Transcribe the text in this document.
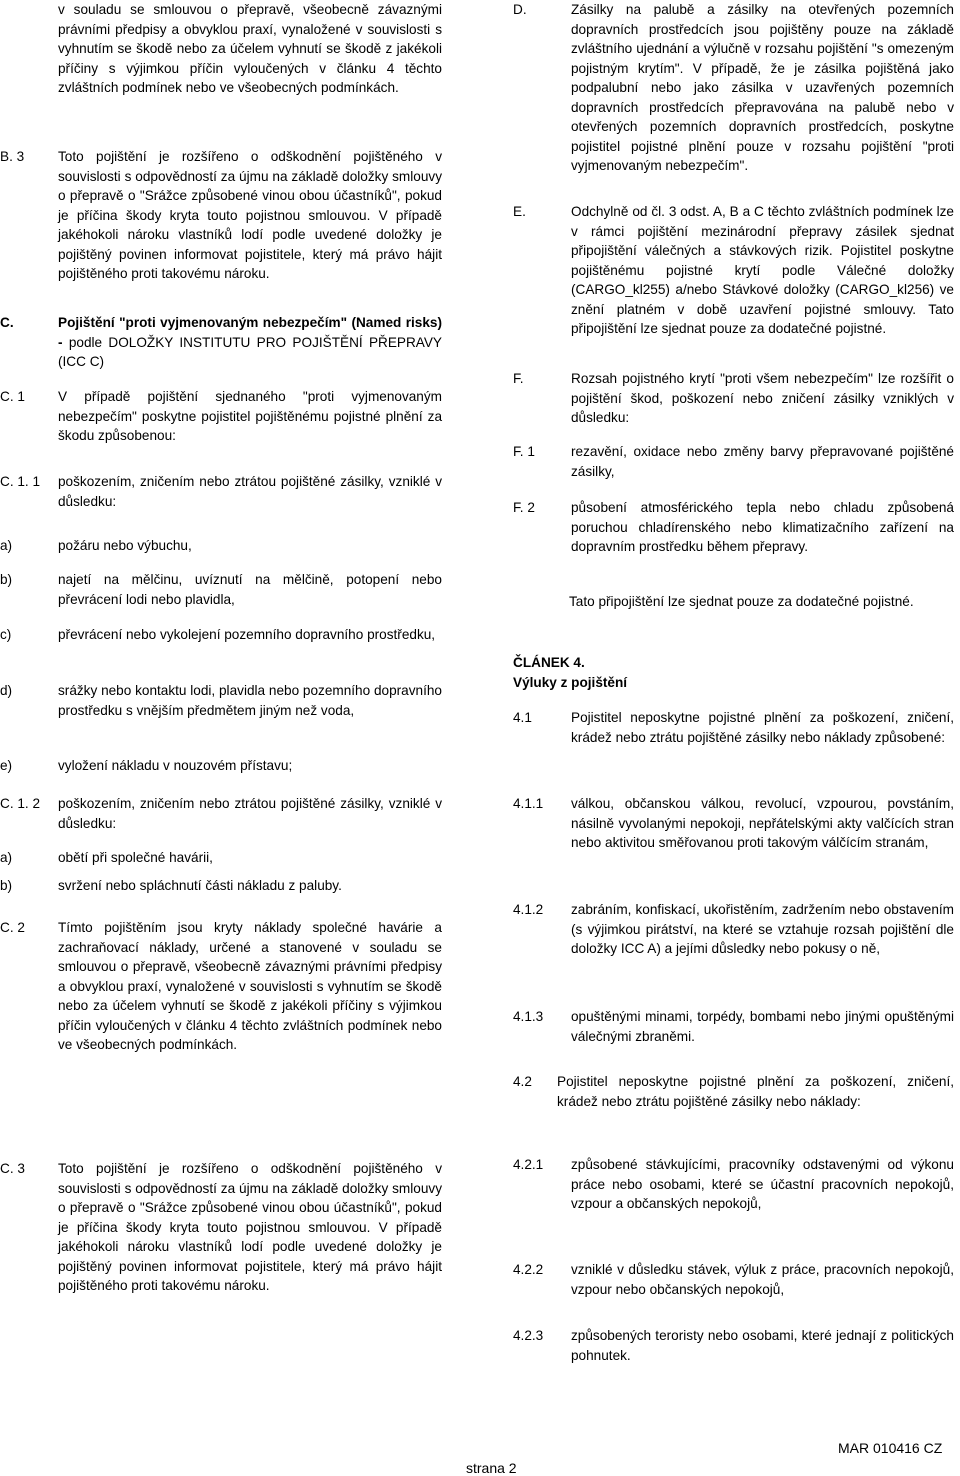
v souladu se smlouvou o přepravě, všeobecně závaznými právními předpisy a obvyklou praxí, vynaložené v souvislosti s vyhnutím se škodě nebo za účelem vyhnutí se škodě z jakékoli příčiny s výjimkou příčin vyloučených v článku 4 těchto zvláštních podmínek nebo ve všeobecných podmínkách.
B. 3 Toto pojištění je rozšířeno o odškodnění pojištěného v souvislosti s odpovědností za újmu na základě doložky smlouvy o přepravě o "Srážce způsobené vinou obou účastníků", pokud je příčina škody kryta touto pojistnou smlouvou. V případě jakéhokoli nároku vlastníků lodí podle uvedené doložky je pojištěný povinen informovat pojistitele, který má právo hájit pojištěného proti takovému nároku.
C.	Pojištění "proti vyjmenovaným nebezpečím" (Named risks) - podle DOLOŽKY INSTITUTU PRO POJIŠTĚNÍ PŘEPRAVY (ICC C)
C. 1 V případě pojištění sjednaného "proti vyjmenovaným nebezpečím" poskytne pojistitel pojištěnému pojistné plnění za škodu způsobenou:
C. 1. 1 poškozením, zničením nebo ztrátou pojištěné zásilky, vzniklé v důsledku:
a)	požáru nebo výbuchu,
b)	najetí na mělčinu, uvíznutí na mělčině, potopení nebo převrácení lodi nebo plavidla,
c)	převrácení nebo vykolejení pozemního dopravního prostředku,
d)	srážky nebo kontaktu lodi, plavidla nebo pozemního dopravního prostředku s vnějším předmětem jiným než voda,
e)	vyložení nákladu v nouzovém přístavu;
C. 1. 2 poškozením, zničením nebo ztrátou pojištěné zásilky, vzniklé v důsledku:
a)	obětí při společné havárii,
b)	svržení nebo spláchnutí části nákladu z paluby.
C. 2 Tímto pojištěním jsou kryty náklady společné havárie a zachraňovací náklady, určené a stanovené v souladu se smlouvou o přepravě, všeobecně závaznými právními předpisy a obvyklou praxí, vynaložené v souvislosti s vyhnutím se škodě nebo za účelem vyhnutí se škodě z jakékoli příčiny s výjimkou příčin vyloučených v článku 4 těchto zvláštních podmínek nebo ve všeobecných podmínkách.
C. 3 Toto pojištění je rozšířeno o odškodnění pojištěného v souvislosti s odpovědností za újmu na základě doložky smlouvy o přepravě o "Srážce způsobené vinou obou účastníků", pokud je příčina škody kryta touto pojistnou smlouvou. V případě jakéhokoli nároku vlastníků lodí podle uvedené doložky je pojištěný povinen informovat pojistitele, který má právo hájit pojištěného proti takovému nároku.
D.	Zásilky na palubě a zásilky na otevřených pozemních dopravních prostředcích jsou pojištěny pouze na základě zvláštního ujednání a výlučně v rozsahu pojištění "s omezeným pojistným krytím". V případě, že je zásilka pojištěná jako podpalubní nebo jako zásilka v uzavřených pozemních dopravních prostředcích přepravována na palubě nebo v otevřených pozemních dopravních prostředcích, poskytne pojistitel pojistné plnění pouze v rozsahu pojištění "proti vyjmenovaným nebezpečím".
E.	Odchylně od čl. 3 odst. A, B a C těchto zvláštních podmínek lze v rámci pojištění mezinárodní přepravy zásilek sjednat připojištění válečných a stávkových rizik. Pojistitel poskytne pojištěnému pojistné krytí podle Válečné doložky (CARGO_kl255) a/nebo Stávkové doložky (CARGO_kl256) ve znění platném v době uzavření pojistné smlouvy. Tato připojištění lze sjednat pouze za dodatečné pojistné.
F.	Rozsah pojistného krytí "proti všem nebezpečím" lze rozšířit o pojištění škod, poškození nebo zničení zásilky vzniklých v důsledku:
F. 1	rezavění, oxidace nebo změny barvy přepravované pojištěné zásilky,
F. 2	působení atmosférického tepla nebo chladu způsobená poruchou chladírenského nebo klimatizačního zařízení na dopravním prostředku během přepravy.
Tato připojištění lze sjednat pouze za dodatečné pojistné.
ČLÁNEK 4.
Výluky z pojištění
4.1	Pojistitel neposkytne pojistné plnění za poškození, zničení, krádež nebo ztrátu pojištěné zásilky nebo náklady způsobené:
4.1.1 válkou, občanskou válkou, revolucí, vzpourou, povstáním, násilně vyvolanými nepokoji, nepřátelskými akty valčících stran nebo aktivitou směřovanou proti takovým válčícím stranám,
4.1.2 zabráním, konfiskací, ukořistěním, zadržením nebo obstavením (s výjimkou pirátství, na které se vztahuje rozsah pojištění dle doložky ICC A) a jejími důsledky nebo pokusy o ně,
4.1.3 opuštěnými minami, torpédy, bombami nebo jinými opuštěnými válečnými zbraněmi.
4.2 Pojistitel neposkytne pojistné plnění za poškození, zničení, krádež nebo ztrátu pojištěné zásilky nebo náklady:
4.2.1 způsobené stávkujícími, pracovníky odstavenými od výkonu práce nebo osobami, které se účastní pracovních nepokojů, vzpour a občanských nepokojů,
4.2.2 vzniklé v důsledku stávek, výluk z práce, pracovních nepokojů, vzpour nebo občanských nepokojů,
4.2.3 způsobených teroristy nebo osobami, které jednají z politických pohnutek.
strana 2
MAR 010416 CZ
